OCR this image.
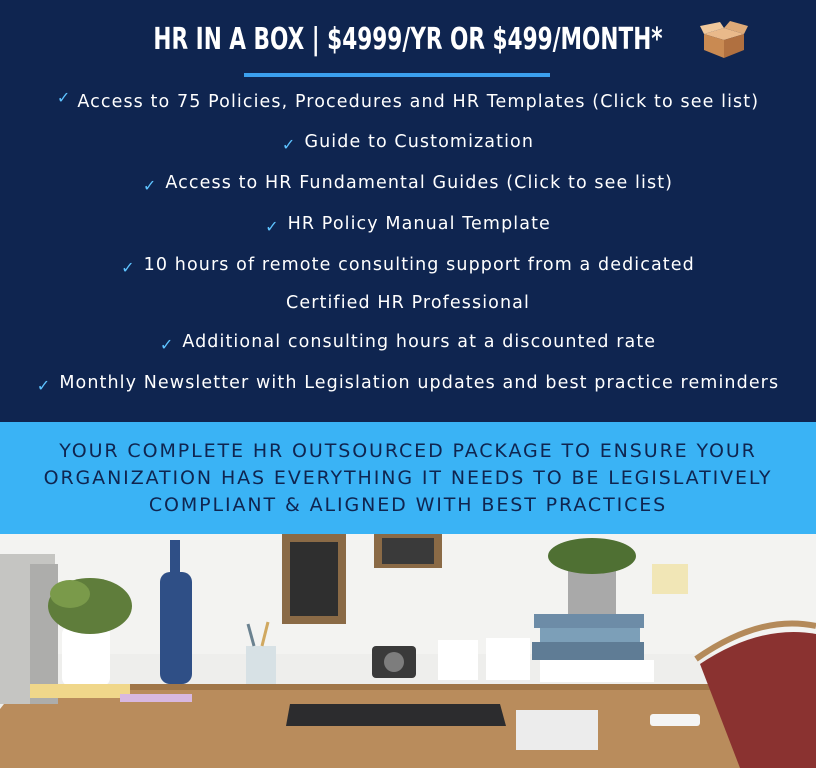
HR IN A BOX | $4999/YR OR $499/MONTH*
✓ Access to 75 Policies, Procedures and HR Templates (Click to see list)
✓ Guide to Customization
✓ Access to HR Fundamental Guides (Click to see list)
✓ HR Policy Manual Template
✓ 10 hours of remote consulting support from a dedicated
Certified HR Professional
✓ Additional consulting hours at a discounted rate
✓ Monthly Newsletter with Legislation updates and best practice reminders
YOUR COMPLETE HR OUTSOURCED PACKAGE TO ENSURE YOUR
ORGANIZATION HAS EVERYTHING IT NEEDS TO BE LEGISLATIVELY
COMPLIANT & ALIGNED WITH BEST PRACTICES
